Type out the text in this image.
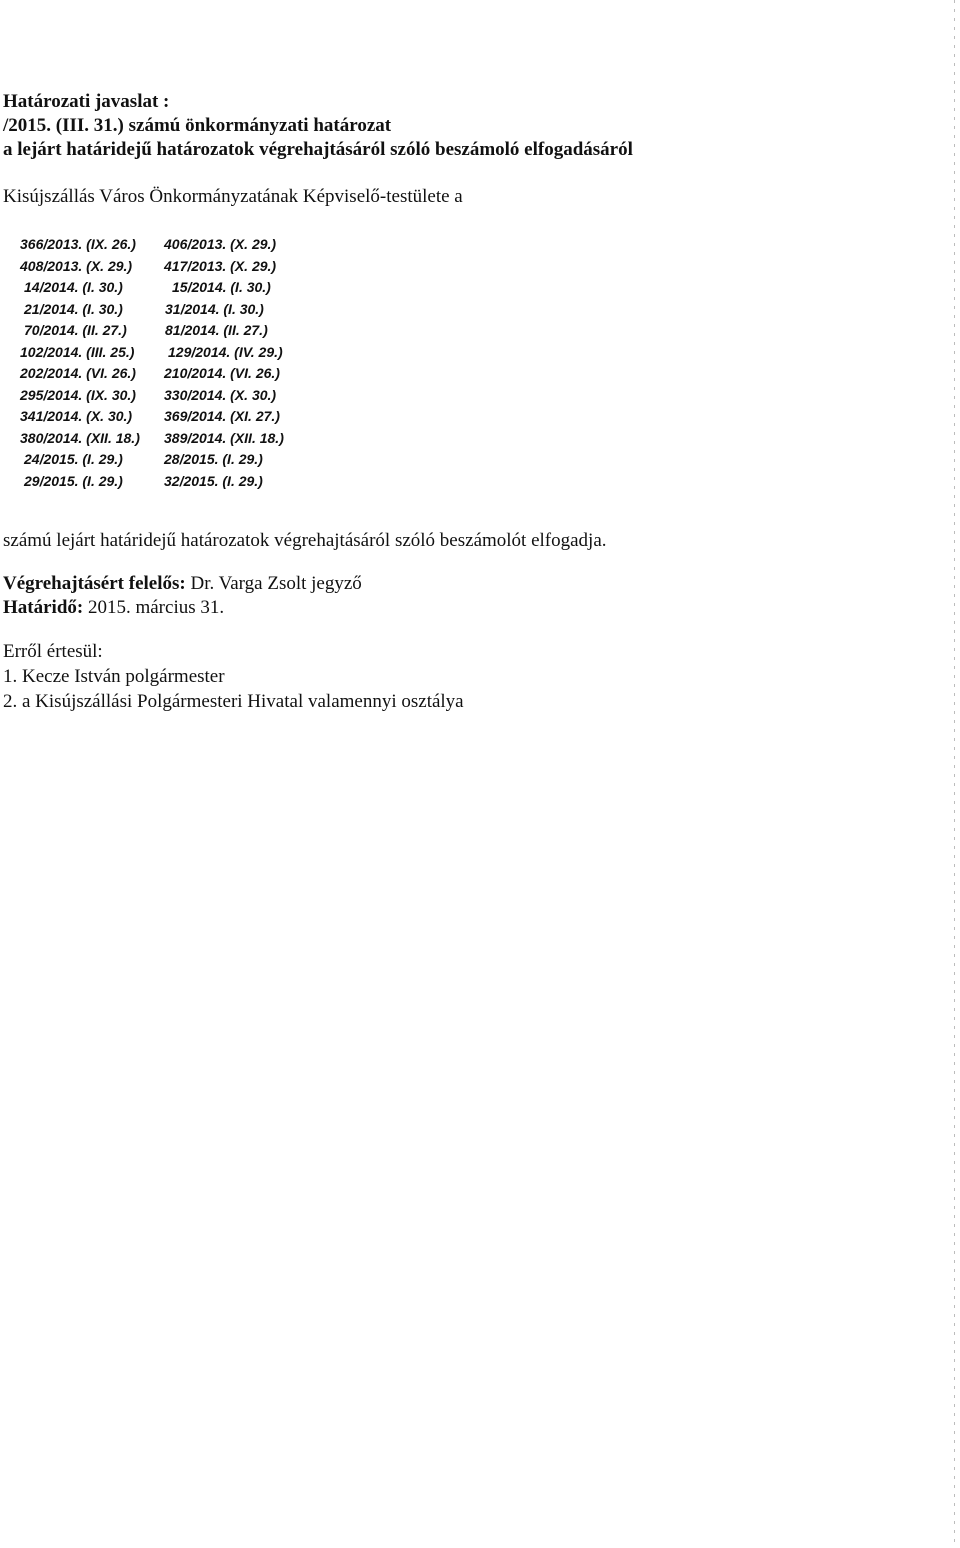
Határozati javaslat :
/2015. (III. 31.) számú önkormányzati határozat
a lejárt határidejű határozatok végrehajtásáról szóló beszámoló elfogadásáról
Kisújszállás Város Önkormányzatának Képviselő-testülete a
366/2013. (IX. 26.) 406/2013. (X. 29.)
408/2013. (X. 29.) 417/2013. (X. 29.)
14/2014. (I. 30.)	15/2014. (I. 30.)
21/2014. (I. 30.)	31/2014. (I. 30.)
70/2014. (II. 27.)	81/2014. (II. 27.)
102/2014. (III. 25.) 129/2014. (IV. 29.)
202/2014. (VI. 26.) 210/2014. (VI. 26.)
295/2014. (IX. 30.) 330/2014. (X. 30.)
341/2014. (X. 30.) 369/2014. (XI. 27.)
380/2014. (XII. 18.) 389/2014. (XII. 18.)
24/2015. (I. 29.)	28/2015. (I. 29.)
29/2015. (I. 29.)	32/2015. (I. 29.)
számú lejárt határidejű határozatok végrehajtásáról szóló beszámolót elfogadja.
Végrehajtásért felelős: Dr. Varga Zsolt jegyző
Határidő: 2015. március 31.
Erről értesül:
1. Kecze István polgármester
2. a Kisújszállási Polgármesteri Hivatal valamennyi osztálya
